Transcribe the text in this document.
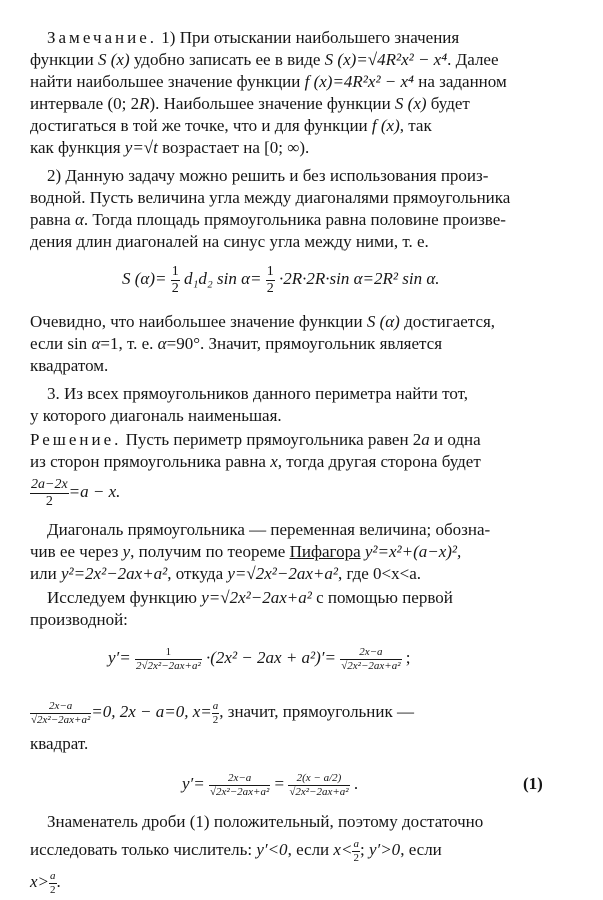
Замечание. 1) При отыскании наибольшего значения
функции S (x) удобно записать ее в виде S (x)=√4R²x² − x⁴. Далее
найти наибольшее значение функции f (x)=4R²x² − x⁴ на заданном
интервале (0; 2R). Наибольшее значение функции S (x) будет
достигаться в той же точке, что и для функции f (x), так
как функция y=√t возрастает на [0; ∞).
2) Данную задачу можно решить и без использования произ-
водной. Пусть величина угла между диагоналями прямоугольника
равна α. Тогда площадь прямоугольника равна половине произве-
дения длин диагоналей на синус угла между ними, т. е.
S $(\alpha)= \frac{1}{2} d_1d_2$ $\sin \alpha= \frac{1}{2} \cdot 2R\cdot 2R\cdot\sin$ α=2R² sin α.
Очевидно, что наибольшее значение функции S (α) достигается,
если sin α=1, т. е. α=90°. Значит, прямоугольник является
квадратом.
3. Из всех прямоугольников данного периметра найти тот,
у которого диагональ наименьшая.
Решение. Пусть периметр прямоугольника равен 2a и одна
из сторон прямоугольника равна x, тогда другая сторона будет
$\frac{2a-2x}{2} =a - x$.
Диагональ прямоугольника — переменная величина; обозна-
чив ее через y, получим по теореме Пифагора y²=x²+(a−x)²,
или y²=2x²−2ax+a², откуда y=√2x²−2ax+a², где 0<x<a.
Исследуем функцию y=√2x²−2ax+a² с помощью первой
производной:
$y'= \frac{1}{\text{2√2x²−2ax+a²}} \cdot(2x^2 - 2ax + a^2)'= \frac{2x-a}{\text{√2x²−2ax+a²}}$ ;
$\frac{2x-a}{\text{√2x²−2ax+a²}} =0$, 2x − a=0, $x= \frac{a}{2}$ , значит, прямоугольник —
квадрат.
$y'= \frac{2x-a}{\text{√2x²−2ax+a²}} = \frac{2(x - a/2)}{\text{√2x²−2ax+a²}}$ .	(1)
Знаменатель дроби (1) положительный, поэтому достаточно
исследовать только числитель: y′<0, если $x< \frac{a}{2}$ ; y′>0, если
$x> \frac{a}{2}$ .
